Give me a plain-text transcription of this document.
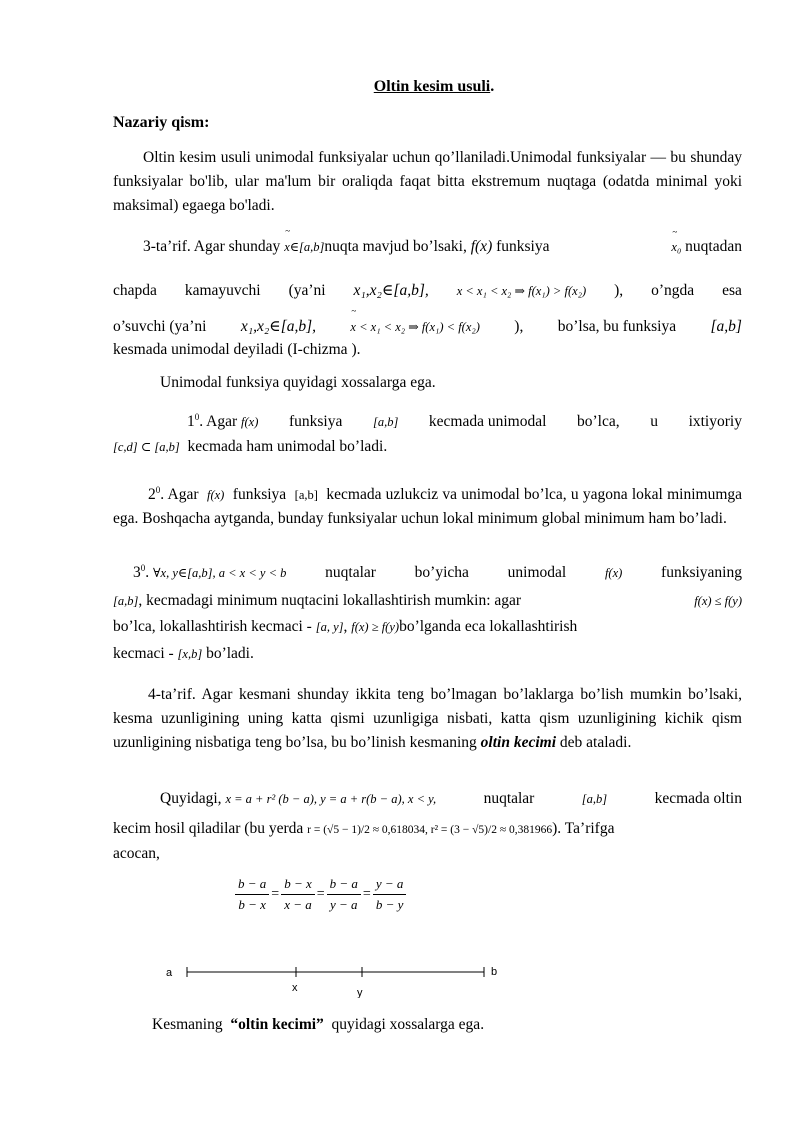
Oltin kesim usuli.
Nazariy qism:
Oltin kesim usuli unimodal funksiyalar uchun qo’llaniladi.Unimodal funksiyalar — bu shunday funksiyalar bo'lib, ular ma'lum bir oraliqda faqat bitta ekstremum nuqtaga (odatda minimal yoki maksimal) egaega bo'ladi.
3-ta’rif. Agar shunday ~ x∈[a,b]nuqta mavjud bo’lsaki, f(x) funksiya	~ x₀ nuqtadan
chapda kamayuvchi (ya’ni x₁,x₂∈[a,b], x < x₁ < x₂ ⇒ f(x₁) > f(x₂) ), o’ngda esa
o’suvchi (ya’ni x₁,x₂∈[a,b],	~ x < x₁ < x₂ ⇒ f(x₁) < f(x₂) ), bo’lsa, bu funksiya [a,b]
kesmada unimodal deyiladi (I-chizma ).
Unimodal funksiya quyidagi xossalarga ega.
$1^0$. Agar f(x) funksiya [a,b] kecmada unimodal bo’lca, u ixtiyoriy
[c,d] ⊂ [a,b] kecmada ham unimodal bo’ladi.
$2^0$. Agar f(x) funksiya [a,b] kecmada uzlukciz va unimodal bo’lca, u yagona lokal minimumga ega. Boshqacha aytganda, bunday funksiyalar uchun lokal minimum global minimum ham bo’ladi.
$3^0$. ∀x, y∈[a,b], a < x < y < b nuqtalar bo’yicha unimodal	f(x) funksiyaning
[a,b], kecmadagi minimum nuqtacini lokallashtirish mumkin: agar	f(x) ≤ f(y)
bo’lca, lokallashtirish kecmaci - [a, y], f(x) ≥ f(y)bo’lganda eca lokallashtirish
kecmaci - [x,b] bo’ladi.
4-ta’rif. Agar kesmani shunday ikkita teng bo’lmagan bo’laklarga bo’lish mumkin bo’lsaki, kesma uzunligining uning katta qismi uzunligiga nisbati, katta qism uzunligining kichik qism uzunligining nisbatiga teng bo’lsa, bu bo’linish kesmaning oltin kecimi deb ataladi.
Quyidagi, x = a + r² (b − a), y = a + r(b − a), x < y,	nuqtalar	[a,b]	kecmada oltin
kecim hosil qiladilar (bu yerda r = (√5 − 1)/2 ≈ 0,618034, r² = (3 − √5)/2 ≈ 0,381966). Ta’rifga
acocan,
$\frac{b - a}{b - x} = \frac{b - x}{x - a} = \frac{b - a}{y - a} = \frac{y - a}{b - y}$
a	b
x	y
Kesmaning “oltin kecimi” quyidagi xossalarga ega.
